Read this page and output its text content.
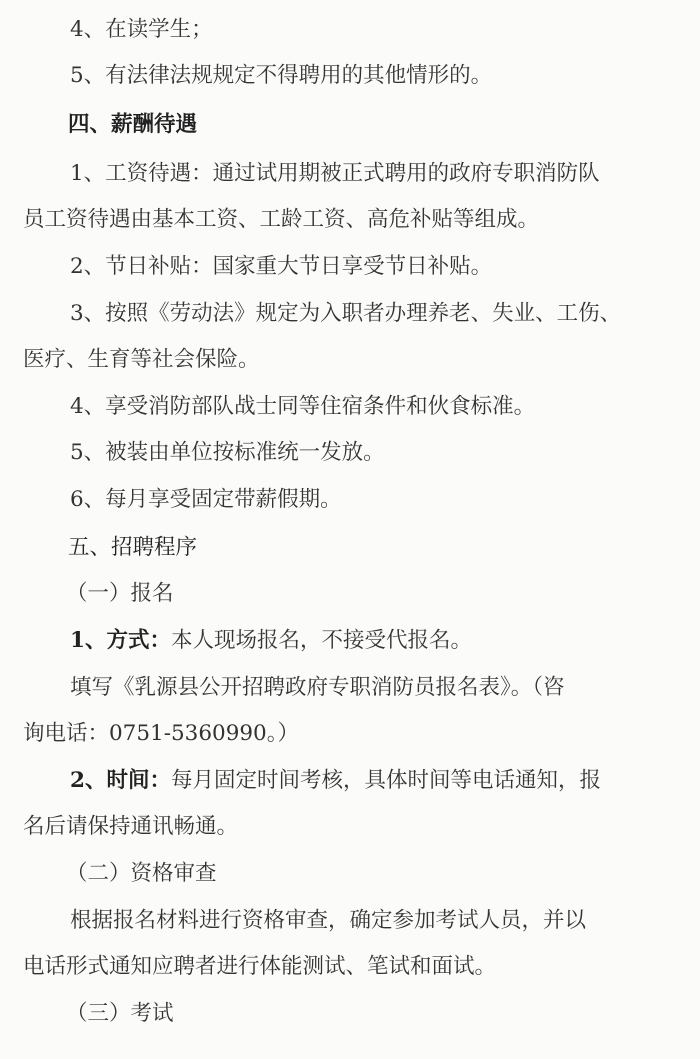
4、在读学生；
5、有法律法规规定不得聘用的其他情形的。
四、薪酬待遇
1、工资待遇：通过试用期被正式聘用的政府专职消防队
员工资待遇由基本工资、工龄工资、高危补贴等组成。
2、节日补贴：国家重大节日享受节日补贴。
3、按照《劳动法》规定为入职者办理养老、失业、工伤、
医疗、生育等社会保险。
4、享受消防部队战士同等住宿条件和伙食标准。
5、被装由单位按标准统一发放。
6、每月享受固定带薪假期。
五、招聘程序
（一）报名
1、方式：本人现场报名，不接受代报名。
填写《乳源县公开招聘政府专职消防员报名表》。（咨
询电话：0751-5360990。）
2、时间：每月固定时间考核，具体时间等电话通知，报
名后请保持通讯畅通。
（二）资格审查
根据报名材料进行资格审查，确定参加考试人员，并以
电话形式通知应聘者进行体能测试、笔试和面试。
（三）考试
